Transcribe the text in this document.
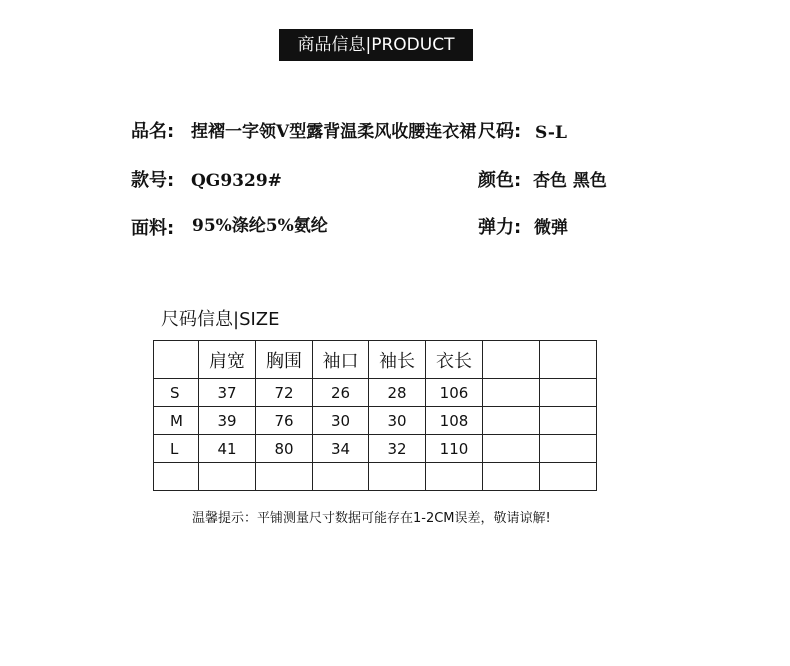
商品信息|PRODUCT
品名: 捏褶一字领V型露背温柔风收腰连衣裙 尺码: S-L
款号: QG9329#	颜色: 杏色 黑色
面料: 95%涤纶5%氨纶	弹力: 微弹
尺码信息|SIZE
	肩宽	胸围	袖口	袖长	衣长		
S	37	72	26	28	106		
M	39	76	30	30	108		
L	41	80	34	32	110		

温馨提示：平铺测量尺寸数据可能存在1-2CM误差，敬请谅解!
